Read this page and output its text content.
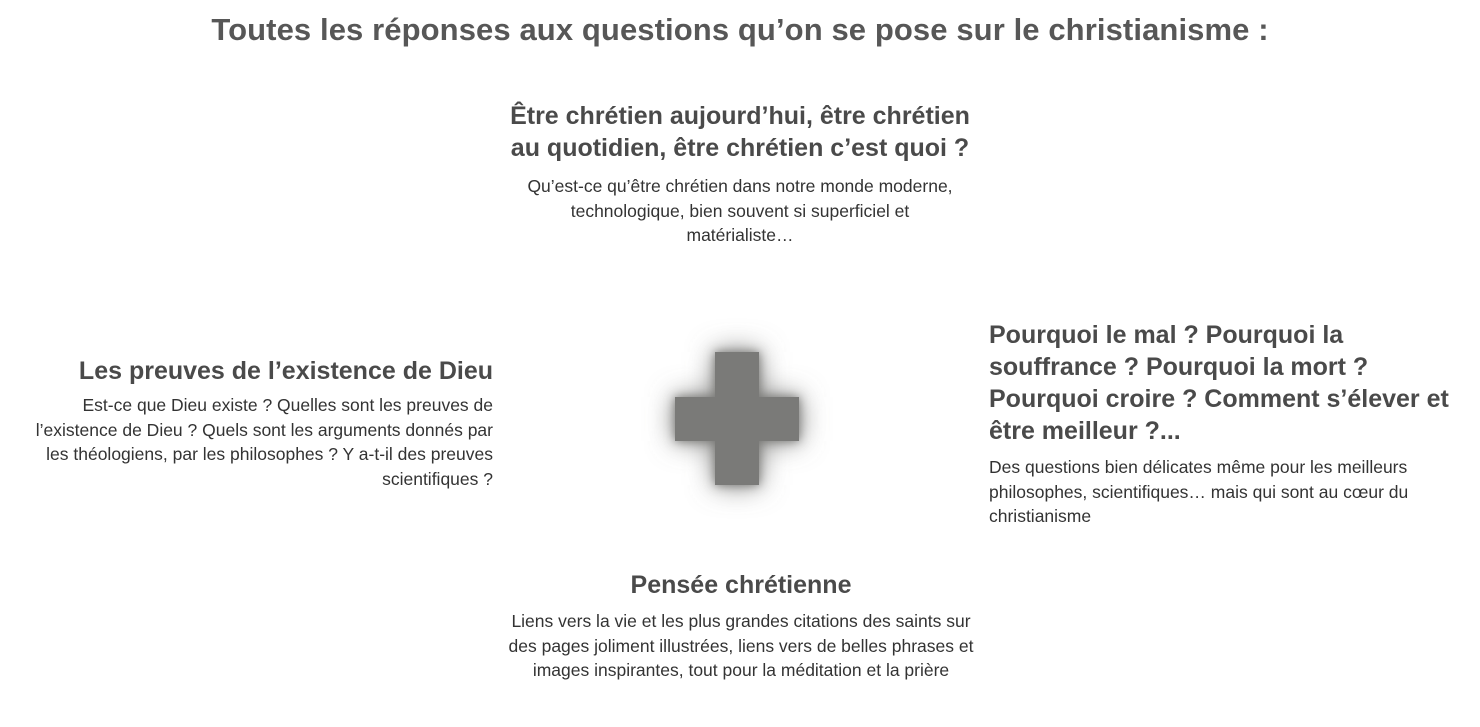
Toutes les réponses aux questions qu’on se pose sur le christianisme :
Être chrétien aujourd’hui, être chrétien au quotidien, être chrétien c’est quoi ?

Qu’est-ce qu’être chrétien dans notre monde moderne, technologique, bien souvent si superficiel et matérialiste…

Les preuves de l’existence de Dieu

Est-ce que Dieu existe ? Quelles sont les preuves de l’existence de Dieu ? Quels sont les arguments donnés par les théologiens, par les philosophes ? Y a-t-il des preuves scientifiques ?

Pourquoi le mal ? Pourquoi la souffrance ? Pourquoi la mort ? Pourquoi croire ? Comment s’élever et être meilleur ?...

Des questions bien délicates même pour les meilleurs philosophes, scientifiques… mais qui sont au cœur du christianisme

Pensée chrétienne

Liens vers la vie et les plus grandes citations des saints sur des pages joliment illustrées, liens vers de belles phrases et images inspirantes, tout pour la méditation et la prière
